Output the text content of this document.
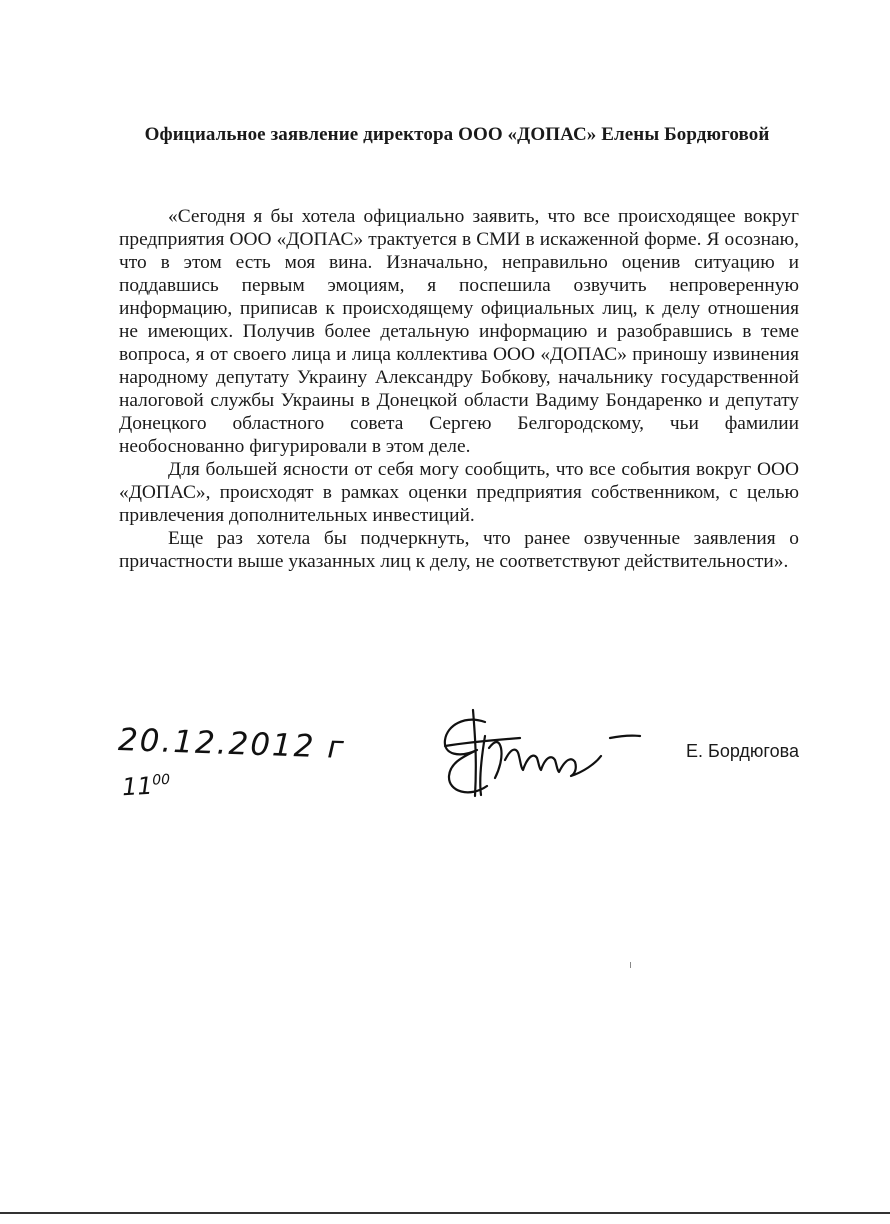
Официальное заявление директора ООО «ДОПАС» Елены Бордюговой

«Сегодня я бы хотела официально заявить, что все происходящее вокруг предприятия ООО «ДОПАС» трактуется в СМИ в искаженной форме. Я осознаю, что в этом есть моя вина. Изначально, неправильно оценив ситуацию и поддавшись первым эмоциям, я поспешила озвучить непроверенную информацию, приписав к происходящему официальных лиц, к делу отношения не имеющих. Получив более детальную информацию и разобравшись в теме вопроса, я от своего лица и лица коллектива ООО «ДОПАС» приношу извинения народному депутату Украину Александру Бобкову, начальнику государственной налоговой службы Украины в Донецкой области Вадиму Бондаренко и депутату Донецкого областного совета Сергею Белгородскому, чьи фамилии необоснованно фигурировали в этом деле.

Для большей ясности от себя могу сообщить, что все события вокруг ООО «ДОПАС», происходят в рамках оценки предприятия собственником, с целью привлечения дополнительных инвестиций.

Еще раз хотела бы подчеркнуть, что ранее озвученные заявления о причастности выше указанных лиц к делу, не соответствуют действительности».

20.12.2012 г
$11^{00}$
Е. Бордюгова
